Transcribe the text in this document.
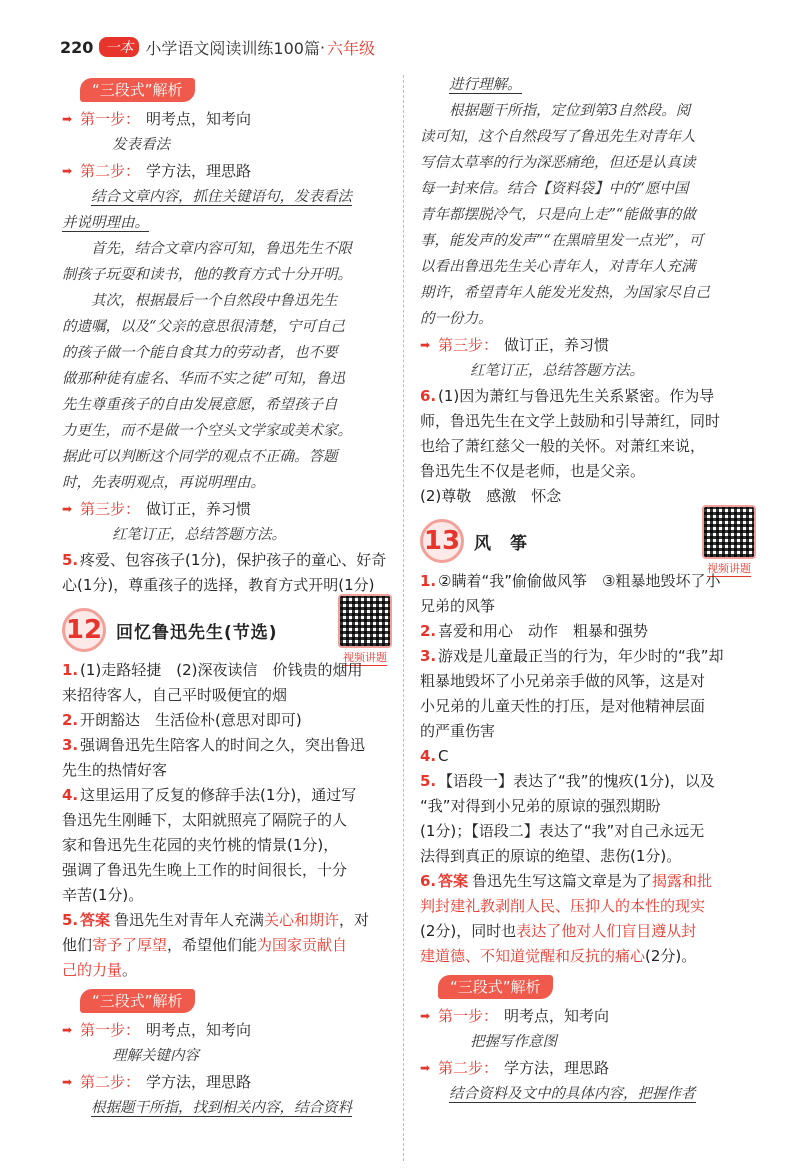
220 一本 小学语文阅读训练100篇 · 六年级
“三段式”解析
➡ 第一步： 明考点，知考向
发表看法
➡ 第二步： 学方法，理思路
结合文章内容，抓住关键语句，发表看法
并说明理由。
首先，结合文章内容可知，鲁迅先生不限
制孩子玩耍和读书，他的教育方式十分开明。
其次，根据最后一个自然段中鲁迅先生
的遗嘱，以及“父亲的意思很清楚，宁可自己
的孩子做一个能自食其力的劳动者，也不要
做那种徒有虚名、华而不实之徒”可知，鲁迅
先生尊重孩子的自由发展意愿，希望孩子自
力更生，而不是做一个空头文学家或美术家。
据此可以判断这个同学的观点不正确。答题
时，先表明观点，再说明理由。
➡ 第三步： 做订正，养习惯
红笔订正，总结答题方法。
5. 疼爱、包容孩子(1分)，保护孩子的童心、好奇
心(1分)，尊重孩子的选择，教育方式开明(1分)
12 回忆鲁迅先生(节选)
视频讲题
1. (1)走路轻捷　(2)深夜读信　价钱贵的烟用
来招待客人，自己平时吸便宜的烟
2. 开朗豁达　生活俭朴(意思对即可)
3. 强调鲁迅先生陪客人的时间之久，突出鲁迅
先生的热情好客
4. 这里运用了反复的修辞手法(1分)，通过写
鲁迅先生刚睡下，太阳就照亮了隔院子的人
家和鲁迅先生花园的夹竹桃的情景(1分)，
强调了鲁迅先生晚上工作的时间很长，十分
辛苦(1分)。
5. 答案 鲁迅先生对青年人充满关心和期许，对
他们寄予了厚望，希望他们能为国家贡献自
己的力量。
“三段式”解析
➡ 第一步： 明考点，知考向
理解关键内容
➡ 第二步： 学方法，理思路
根据题干所指，找到相关内容，结合资料
进行理解。
根据题干所指，定位到第3自然段。阅
读可知，这个自然段写了鲁迅先生对青年人
写信太草率的行为深恶痛绝，但还是认真读
每一封来信。结合【资料袋】中的“愿中国
青年都摆脱冷气，只是向上走”“能做事的做
事，能发声的发声”“在黑暗里发一点光”，可
以看出鲁迅先生关心青年人，对青年人充满
期许，希望青年人能发光发热，为国家尽自己
的一份力。
➡ 第三步： 做订正，养习惯
红笔订正，总结答题方法。
6. (1)因为萧红与鲁迅先生关系紧密。作为导
师，鲁迅先生在文学上鼓励和引导萧红，同时
也给了萧红慈父一般的关怀。对萧红来说，
鲁迅先生不仅是老师，也是父亲。
(2)尊敬　感激　怀念
13 风　筝
视频讲题
1. ②瞒着“我”偷偷做风筝　③粗暴地毁坏了小
兄弟的风筝
2. 喜爱和用心　动作　粗暴和强势
3. 游戏是儿童最正当的行为，年少时的“我”却
粗暴地毁坏了小兄弟亲手做的风筝，这是对
小兄弟的儿童天性的打压，是对他精神层面
的严重伤害
4. C
5. 【语段一】表达了“我”的愧疚(1分)，以及
“我”对得到小兄弟的原谅的强烈期盼
(1分)；【语段二】表达了“我”对自己永远无
法得到真正的原谅的绝望、悲伤(1分)。
6. 答案 鲁迅先生写这篇文章是为了揭露和批
判封建礼教剥削人民、压抑人的本性的现实
(2分)，同时也表达了他对人们盲目遵从封
建道德、不知道觉醒和反抗的痛心(2分)。
“三段式”解析
➡ 第一步： 明考点，知考向
把握写作意图
➡ 第二步： 学方法，理思路
结合资料及文中的具体内容，把握作者
